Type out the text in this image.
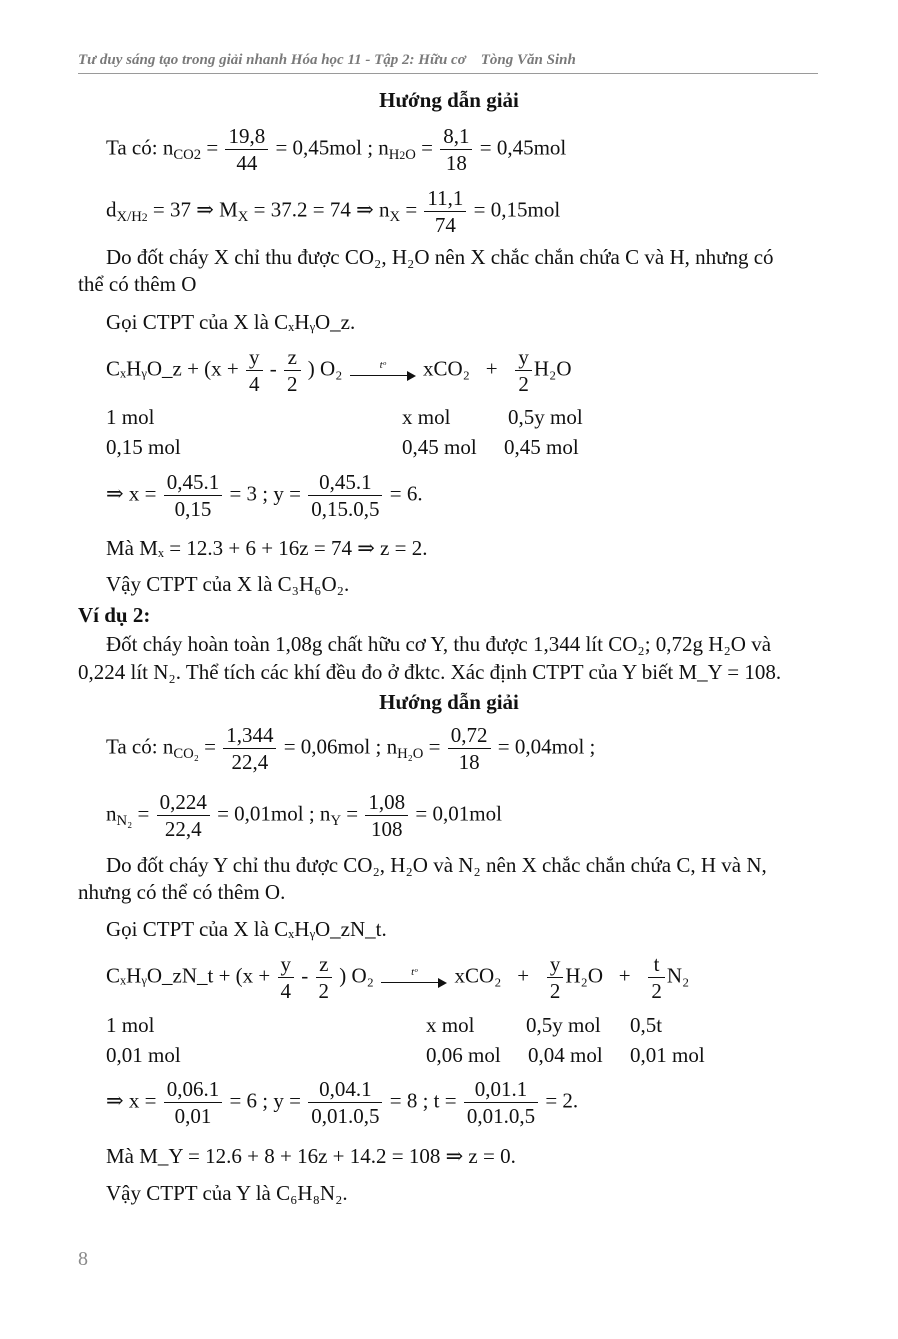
Tư duy sáng tạo trong giải nhanh Hóa học 11 - Tập 2: Hữu cơ Tòng Văn Sinh
Hướng dẫn giải
Ta có: $n_{CO2} = \frac{19,8}{44} = 0,45mol$ ; $n_{H2O} = \frac{8,1}{18} = 0,45mol$
$d_{X/H2} = 37$ ⇒ $M_X = 37.2 = 74$ ⇒ $n_X = \frac{11,1}{74} = 0,15mol$
Do đốt cháy X chỉ thu được CO₂, H₂O nên X chắc chắn chứa C và H, nhưng có
thể có thêm O
Gọi CTPT của X là CₓHᵧO_z.
CₓHᵧO_z + ($x + \frac{y}{4} - \frac{z}{2}$ ) O₂	tᵒ	$xCO_2 + \frac{y}{2} H_2O$
1 mol	x mol	0,5y mol
0,15 mol	0,45 mol 0,45 mol
⇒ $x = \frac{0,45.1}{0,15} = 3$ ; $y = \frac{0,45.1}{0,15.0,5} = 6$.
Mà Mₓ = 12.3 + 6 + 16z = 74 ⇒ z = 2.
Vậy CTPT của X là C₃H₆O₂.
Ví dụ 2:
Đốt cháy hoàn toàn 1,08g chất hữu cơ Y, thu được 1,344 lít CO₂; 0,72g H₂O và
0,224 lít N₂. Thể tích các khí đều đo ở đktc. Xác định CTPT của Y biết M_Y = 108.
Hướng dẫn giải
Ta có: $n_{CO_2} = \frac{1,344}{22,4} = 0,06mol$ ; $n_{H_2O} = \frac{0,72}{18} = 0,04mol$ ;
$n_{N_2} = \frac{0,224}{22,4} = 0,01mol$ ; $n_Y = \frac{1,08}{108} = 0,01mol$
Do đốt cháy Y chỉ thu được CO₂, H₂O và N₂ nên X chắc chắn chứa C, H và N,
nhưng có thể có thêm O.
Gọi CTPT của X là CₓHᵧO_zN_t.
CₓHᵧO_zN_t + ($x + \frac{y}{4} - \frac{z}{2}$ ) O₂	tᵒ	$xCO_2 + \frac{y}{2} H_2O + \frac{t}{2} N_2$
1 mol	x mol 0,5y mol 0,5t
0,01 mol	0,06 mol 0,04 mol 0,01 mol
⇒ $x = \frac{0,06.1}{0,01} = 6$ ; $y = \frac{0,04.1}{0,01.0,5} = 8$ ; $t = \frac{0,01.1}{0,01.0,5} = 2$.
Mà M_Y = 12.6 + 8 + 16z + 14.2 = 108 ⇒ z = 0.
Vậy CTPT của Y là C₆H₈N₂.
8
